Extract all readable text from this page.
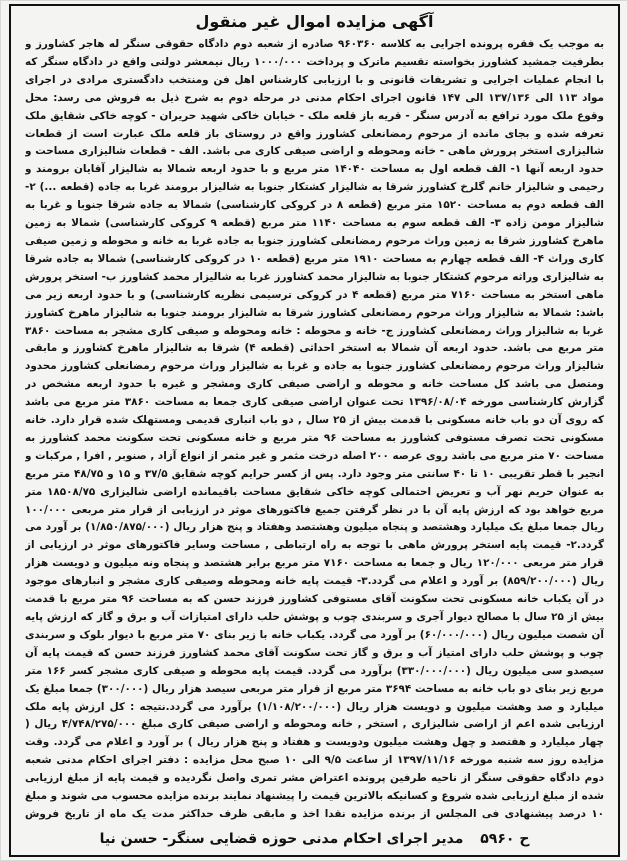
آگهی مزایده اموال غیر منقول
به موجب یک فقره پرونده اجرایی به کلاسه ۹۶۰۳۶۰ صادره از شعبه دوم دادگاه حقوقی سنگر له هاجر کشاورز و بطرفیت جمشید کشاورز بخواسته تقسیم ماترک و پرداخت ۱۰۰۰/۰۰۰ ریال نیمعشر دولتی واقع در دادگاه سنگر که با انجام عملیات اجرایی و تشریفات قانونی و با ارزیابی کارشناس اهل فن ومنتخب دادگستری مرادی در اجرای مواد ۱۱۳ الی ۱۳۷/۱۳۶ الی ۱۴۷ قانون اجرای احکام مدنی در مرحله دوم به شرح ذیل به فروش می رسد: محل وقوع ملک مورد ترافع به آدرس سنگر - قریه باز قلعه ملک - خیابان خاکی شهید حریران - کوچه خاکی شقایق ملک تعرفه شده و بجای مانده از مرحوم رمضانعلی کشاورز واقع در روستای باز قلعه ملک عبارت است از قطعات شالیزاری استخر پرورش ماهی - خانه ومحوطه و اراضی صیفی کاری می باشد. الف - قطعات شالیزاری مساحت و حدود اربعه آنها ۱- الف قطعه اول به مساحت ۱۴۰۴۰ متر مربع و با حدود اربعه شمالا به شالیزار آقایان برومند و رحیمی و شالیزار خانم گلرخ کشاورز شرقا به شالیزار کشتکار جنوبا به شالیزار برومند غربا به جاده (قطعه ...) ۲- الف قطعه دوم به مساحت ۱۵۲۰ متر مربع (قطعه ۸ در کروکی کارشناسی) شمالا به جاده شرقا جنوبا و غربا به شالیزار مومن زاده ۳- الف قطعه سوم به مساحت ۱۱۴۰ متر مربع (قطعه ۹ کروکی کارشناسی) شمالا به زمین ماهرخ کشاورز شرقا به زمین وراث مرحوم رمضانعلی کشاورز جنوبا به جاده غربا به خانه و محوطه و زمین صیفی کاری وراث ۴- الف قطعه چهارم به مساحت ۱۹۱۰ متر مربع (قطعه ۱۰ در کروکی کارشناسی) شمالا به جاده شرقا به شالیزاری وراثه مرحوم کشتکار جنوبا به شالیزار محمد کشاورز غربا به شالیزار محمد کشاورز ب- استخر پرورش ماهی استخر به مساحت ۷۱۶۰ متر مربع (قطعه ۴ در کروکی ترسیمی نظریه کارشناسی) و با حدود اربعه زیر می باشد: شمالا به شالیزار وراث مرحوم رمضانعلی کشاورز شرقا به شالیزار برومند جنوبا به شالیزار ماهرخ کشاورز غربا به شالیزار وراث رمضانعلی کشاورز ج- خانه و محوطه : خانه ومحوطه و صیفی کاری مشجر به مساحت ۳۸۶۰ متر مربع می باشد. حدود اربعه آن شمالا به استخر احداثی (قطعه ۴) شرقا به شالیزار ماهرخ کشاورز و مابقی شالیزار وراث مرحوم رمضانعلی کشاورز جنوبا به جاده و غربا به شالیزار وراث مرحوم رمضانعلی کشاورز محدود ومتصل می باشد کل مساحت خانه و محوطه و اراضی صیفی کاری ومشجر و غیره با حدود اربعه مشخص در گزارش کارشناسی مورخه ۱۳۹۶/۰۸/۰۴ تحت عنوان اراضی صیفی کاری جمعا به مساحت ۳۸۶۰ متر مربع می باشد که روی آن دو باب خانه مسکونی با قدمت بیش از ۲۵ سال , دو باب انباری قدیمی ومستهلک شده قرار دارد. خانه مسکونی تحت تصرف مستوفی کشاورز به مساحت ۹۶ متر مربع و خانه مسکونی تحت سکونت محمد کشاورز به مساحت ۷۰ متر مربع می باشد روی عرصه ۲۰۰ اصله درخت مثمر و غیر مثمر از انواع آزاد , صنوبر , افرا , مرکبات و انجیر با قطر تقریبی ۱۰ تا ۴۰ سانتی متر وجود دارد. پس از کسر حرایم کوچه شقایق ۳۷/۵ و ۱۵ و ۴۸/۷۵ متر مربع به عنوان حریم نهر آب و تعریض احتمالی کوچه خاکی شقایق مساحت باقیمانده اراضی شالیزاری ۱۸۵۰۸/۷۵ متر مربع خواهد بود که ارزش پایه آن با در نظر گرفتن جمیع فاکتورهای موثر در ارزیابی از قرار متر مربعی ۱۰۰/۰۰۰ ریال جمعا مبلغ یک میلیارد وهشتصد و پنجاه میلیون وهشتصد وهفتاد و پنج هزار ریال (۱/۸۵۰/۸۷۵/۰۰۰) بر آورد می گردد.۲- قیمت پایه استخر پرورش ماهی با توجه به راه ارتباطی , مساحت وسایر فاکتورهای موثر در ارزیابی از قرار متر مربعی ۱۲۰/۰۰۰ ریال و جمعا به مساحت ۷۱۶۰ متر مربع برابر هشتصد و پنجاه ونه میلیون و دویست هزار ریال (۸۵۹/۲۰۰/۰۰۰) بر آورد و اعلام می گردد.۳- قیمت پایه خانه ومحوطه وصیفی کاری مشجر و انبارهای موجود در آن یکباب خانه مسکونی تحت سکونت آقای مستوفی کشاورز فرزند حسن که به مساحت ۹۶ متر مربع با قدمت بیش از ۲۵ سال با مصالح دیوار آجری و سربندی چوب و پوشش حلب دارای امتیازات آب و برق و گاز که ارزش پایه آن شصت میلیون ریال (۶۰/۰۰۰/۰۰۰) بر آورد می گردد. یکباب خانه با زیر بنای ۷۰ متر مربع با دیوار بلوک و سربندی چوب و پوشش حلب دارای امتیاز آب و برق و گاز تحت سکونت آقای محمد کشاورز فرزند حسن که قیمت پایه آن سیصدو سی میلیون ریال (۳۳۰/۰۰۰/۰۰۰) برآورد می گردد. قیمت پایه محوطه و صیفی کاری مشجر کسر ۱۶۶ متر مربع زیر بنای دو باب خانه به مساحت ۳۶۹۴ متر مربع از قرار متر مربعی سیصد هزار ریال (۳۰۰/۰۰۰) جمعا مبلغ یک میلیارد و صد وهشت میلیون و دویست هزار ریال (۱/۱۰۸/۲۰۰/۰۰۰) برآورد می گردد.نتیجه : کل ارزش پایه ملک ارزیابی شده اعم از اراضی شالیزاری , استخر , خانه ومحوطه و اراضی صیفی کاری مبلغ ۴/۷۴۸/۲۷۵/۰۰۰ ریال ( چهار میلیارد و هفتصد و چهل وهشت میلیون ودویست و هفتاد و پنج هزار ریال ) بر آورد و اعلام می گردد. وقت مزایده روز سه شنبه مورخه ۱۳۹۷/۱۱/۱۶ از ساعت ۹/۵ الی ۱۰ صبح محل مزایده : دفتر اجرای احکام مدنی شعبه دوم دادگاه حقوقی سنگر از ناحیه طرفین پرونده اعتراض مشر تمری واصل نگردیده و قیمت پایه از مبلغ ارزیابی شده از مبلغ ارزیابی شده شروع و کسانیکه بالاترین قیمت را پیشنهاد نمایند برنده مزایده محسوب می شوند و مبلغ ۱۰ درصد پیشنهادی فی المجلس از برنده مزایده نقدا اخذ و مابقی ظرف حداکثر مدت یک ماه از تاریخ فروش
ح ۵۹۶۰ مدیر اجرای احکام مدنی حوزه قضایی سنگر- حسن نیا
